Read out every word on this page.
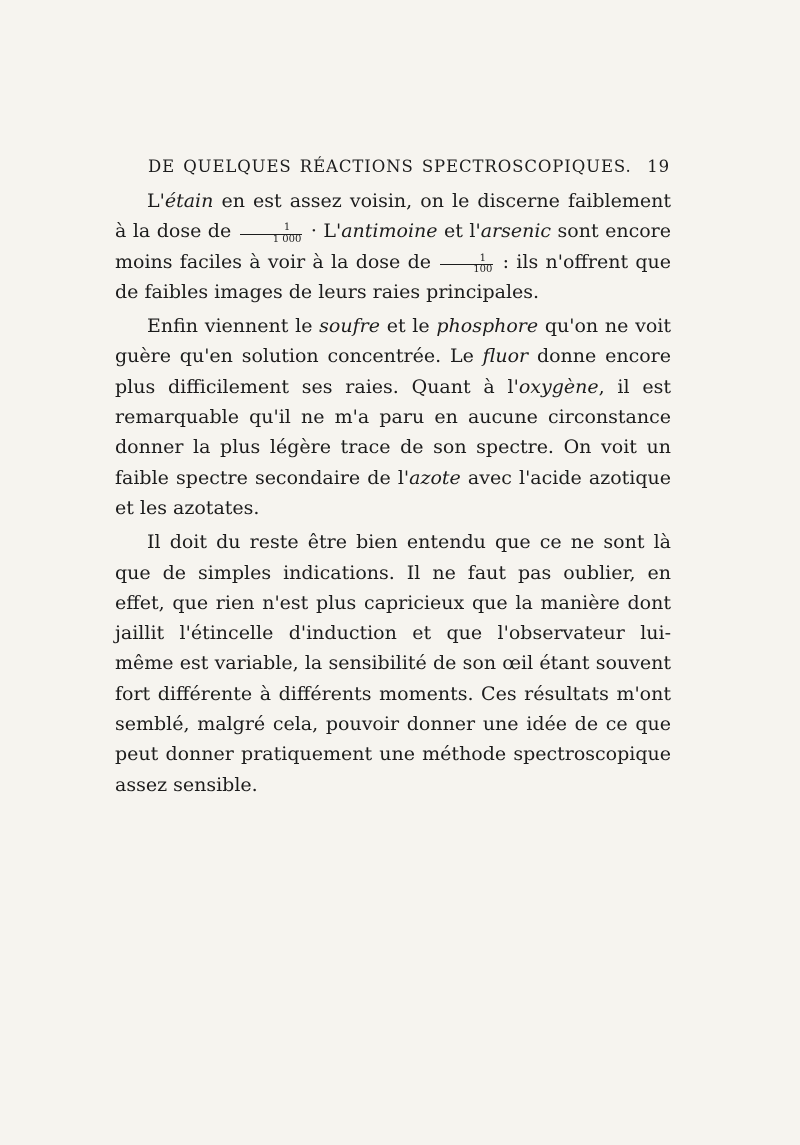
DE QUELQUES RÉACTIONS SPECTROSCOPIQUES. 19

L'étain en est assez voisin, on le discerne faiblement à la dose de $\frac{1}{1 000}$ · L'antimoine et l'arsenic sont encore moins faciles à voir à la dose de $\frac{1}{100}$ : ils n'offrent que de faibles images de leurs raies principales.

Enfin viennent le soufre et le phosphore qu'on ne voit guère qu'en solution concentrée. Le fluor donne encore plus difficilement ses raies. Quant à l'oxygène, il est remarquable qu'il ne m'a paru en aucune circonstance donner la plus légère trace de son spectre. On voit un faible spectre secondaire de l'azote avec l'acide azotique et les azotates.

Il doit du reste être bien entendu que ce ne sont là que de simples indications. Il ne faut pas oublier, en effet, que rien n'est plus capricieux que la manière dont jaillit l'étincelle d'induction et que l'observateur lui-même est variable, la sensibilité de son œil étant souvent fort différente à différents moments. Ces résultats m'ont semblé, malgré cela, pouvoir donner une idée de ce que peut donner pratiquement une méthode spectroscopique assez sensible.
